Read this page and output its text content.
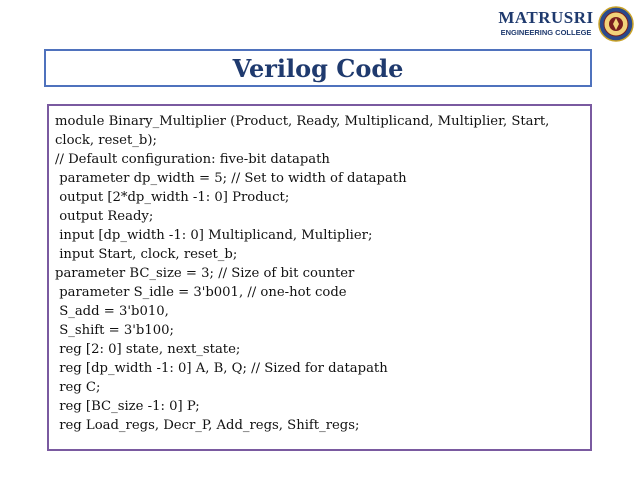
MATRUSRI
ENGINEERING COLLEGE
Verilog Code
module Binary_Multiplier (Product, Ready, Multiplicand, Multiplier, Start,
clock, reset_b);
// Default configuration: five-bit datapath
parameter dp_width = 5; // Set to width of datapath
output [2*dp_width -1: 0] Product;
output Ready;
input [dp_width -1: 0] Multiplicand, Multiplier;
input Start, clock, reset_b;
parameter BC_size = 3; // Size of bit counter
parameter S_idle = 3'b001, // one-hot code
S_add = 3'b010,
S_shift = 3'b100;
reg [2: 0] state, next_state;
reg [dp_width -1: 0] A, B, Q; // Sized for datapath
reg C;
reg [BC_size -1: 0] P;
reg Load_regs, Decr_P, Add_regs, Shift_regs;
